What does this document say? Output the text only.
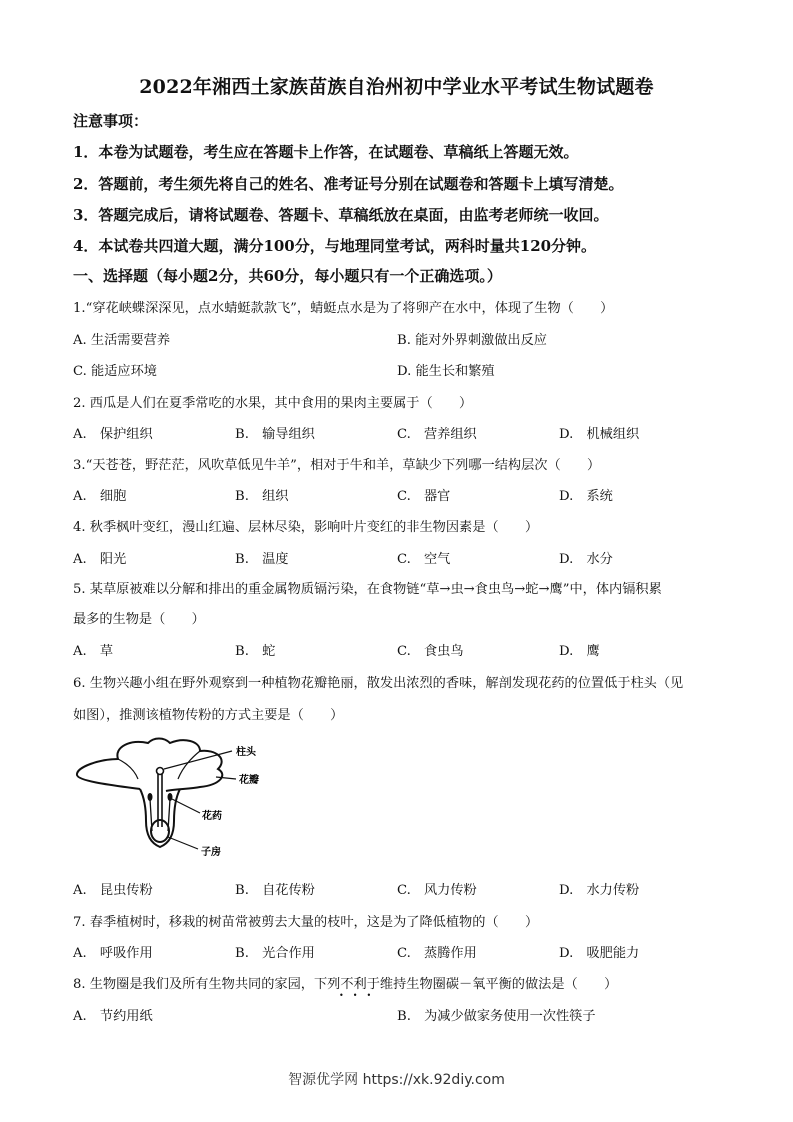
2022年湘西土家族苗族自治州初中学业水平考试生物试题卷
注意事项：
1．本卷为试题卷，考生应在答题卡上作答，在试题卷、草稿纸上答题无效。
2．答题前，考生须先将自己的姓名、准考证号分别在试题卷和答题卡上填写清楚。
3．答题完成后，请将试题卷、答题卡、草稿纸放在桌面，由监考老师统一收回。
4．本试卷共四道大题，满分100分，与地理同堂考试，两科时量共120分钟。
一、选择题（每小题2分，共60分，每小题只有一个正确选项。）
1.“穿花峡蝶深深见，点水蜻蜓款款飞”，蜻蜓点水是为了将卵产在水中，体现了生物（　　）
A. 生活需要营养	B. 能对外界刺激做出反应
C. 能适应环境	D. 能生长和繁殖
2. 西瓜是人们在夏季常吃的水果，其中食用的果肉主要属于（　　）
A.　保护组织	B.　输导组织	C.　营养组织	D.　机械组织
3.“天苍苍，野茫茫，风吹草低见牛羊”，相对于牛和羊，草缺少下列哪一结构层次（　　）
A.　细胞	B.　组织	C.　器官	D.　系统
4. 秋季枫叶变红，漫山红遍、层林尽染，影响叶片变红的非生物因素是（　　）
A.　阳光	B.　温度	C.　空气	D.　水分
5. 某草原被难以分解和排出的重金属物质镉污染，在食物链“草→虫→食虫鸟→蛇→鹰”中，体内镉积累
最多的生物是（　　）
A.　草	B.　蛇	C.　食虫鸟	D.　鹰
6. 生物兴趣小组在野外观察到一种植物花瓣艳丽，散发出浓烈的香味，解剖发现花药的位置低于柱头（见
如图），推测该植物传粉的方式主要是（　　）
柱头
花瓣
花药
子房
A.　昆虫传粉	B.　自花传粉	C.　风力传粉	D.　水力传粉
7. 春季植树时，移栽的树苗常被剪去大量的枝叶，这是为了降低植物的（　　）
A.　呼吸作用	B.　光合作用	C.　蒸腾作用	D.　吸肥能力
8. 生物圈是我们及所有生物共同的家园，下列不利于维持生物圈碳－氧平衡的做法是（　　）
•••
A.　节约用纸	B.　为减少做家务使用一次性筷子
智源优学网 https://xk.92diy.com
